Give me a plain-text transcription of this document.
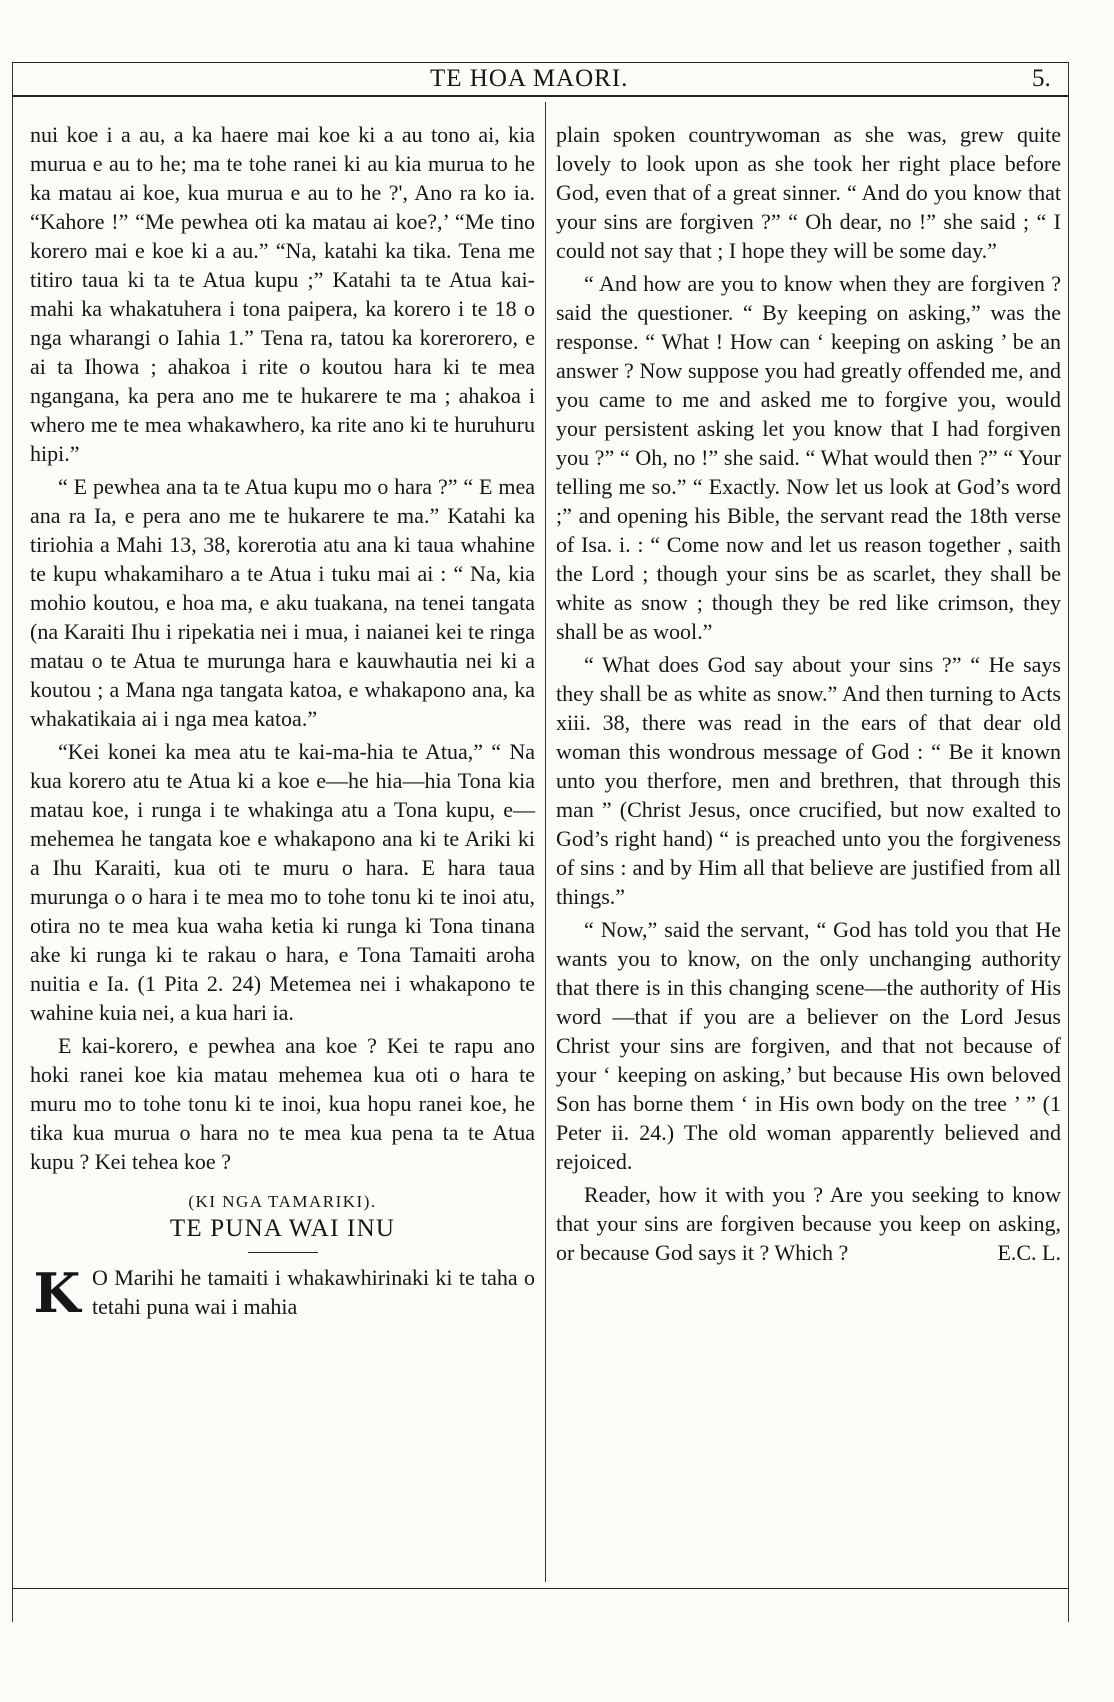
TE HOA MAORI.	5.

nui koe i a au, a ka haere mai koe ki a au tono ai, kia murua e au to he; ma te tohe ranei ki au kia murua to he ka matau ai koe, kua murua e au to he ?', Ano ra ko ia. “Kahore !” “Me pewhea oti ka matau ai koe?,’ “Me tino korero mai e koe ki a au.” “Na, katahi ka tika. Tena me titiro taua ki ta te Atua kupu ;” Katahi ta te Atua kai-mahi ka whakatuhera i tona paipera, ka korero i te 18 o nga wharangi o Iahia 1.” Tena ra, tatou ka korerorero, e ai ta Ihowa ; ahakoa i rite o koutou hara ki te mea ngangana, ka pera ano me te hukarere te ma ; ahakoa i whero me te mea whakawhero, ka rite ano ki te huruhuru hipi.”

“ E pewhea ana ta te Atua kupu mo o hara ?” “ E mea ana ra Ia, e pera ano me te hukarere te ma.” Katahi ka tiriohia a Mahi 13, 38, korerotia atu ana ki taua whahine te kupu whakamiharo a te Atua i tuku mai ai : “ Na, kia mohio koutou, e hoa ma, e aku tuakana, na tenei tangata (na Karaiti Ihu i ripekatia nei i mua, i naianei kei te ringa matau o te Atua te murunga hara e kauwhautia nei ki a koutou ; a Mana nga tangata katoa, e whakapono ana, ka whakatikaia ai i nga mea katoa.”

“Kei konei ka mea atu te kai-ma-hia te Atua,” “ Na kua korero atu te Atua ki a koe e—he hia—hia Tona kia matau koe, i runga i te whakinga atu a Tona kupu, e—mehemea he tangata koe e whakapono ana ki te Ariki ki a Ihu Karaiti, kua oti te muru o hara. E hara taua murunga o o hara i te mea mo to tohe tonu ki te inoi atu, otira no te mea kua waha ketia ki runga ki Tona tinana ake ki runga ki te rakau o hara, e Tona Tamaiti aroha nuitia e Ia. (1 Pita 2. 24) Metemea nei i whakapono te wahine kuia nei, a kua hari ia.

E kai-korero, e pewhea ana koe ? Kei te rapu ano hoki ranei koe kia matau mehemea kua oti o hara te muru mo to tohe tonu ki te inoi, kua hopu ranei koe, he tika kua murua o hara no te mea kua pena ta te Atua kupu ? Kei tehea koe ?

(KI NGA TAMARIKI).
TE PUNA WAI INU
K O Marihi he tamaiti i whakawhirinaki ki te taha o tetahi puna wai i mahia

plain spoken countrywoman as she was, grew quite lovely to look upon as she took her right place before God, even that of a great sinner. “ And do you know that your sins are forgiven ?” “ Oh dear, no !” she said ; “ I could not say that ; I hope they will be some day.”

“ And how are you to know when they are forgiven ? said the questioner. “ By keeping on asking,” was the response. “ What ! How can ‘ keeping on asking ’ be an answer ? Now suppose you had greatly offended me, and you came to me and asked me to forgive you, would your persistent asking let you know that I had forgiven you ?” “ Oh, no !” she said. “ What would then ?” “ Your telling me so.” “ Exactly. Now let us look at God’s word ;” and opening his Bible, the servant read the 18th verse of Isa. i. : “ Come now and let us reason together , saith the Lord ; though your sins be as scarlet, they shall be white as snow ; though they be red like crimson, they shall be as wool.”

“ What does God say about your sins ?” “ He says they shall be as white as snow.” And then turning to Acts xiii. 38, there was read in the ears of that dear old woman this wondrous message of God : “ Be it known unto you therfore, men and brethren, that through this man ” (Christ Jesus, once crucified, but now exalted to God’s right hand) “ is preached unto you the forgiveness of sins : and by Him all that believe are justified from all things.”

“ Now,” said the servant, “ God has told you that He wants you to know, on the only unchanging authority that there is in this changing scene—the authority of His word —that if you are a believer on the Lord Jesus Christ your sins are forgiven, and that not because of your ‘ keeping on asking,’ but because His own beloved Son has borne them ‘ in His own body on the tree ’ ” (1 Peter ii. 24.) The old woman apparently believed and rejoiced.

Reader, how it with you ? Are you seeking to know that your sins are forgiven because you keep on asking, or because God says it ? Which ?	E.C. L.
